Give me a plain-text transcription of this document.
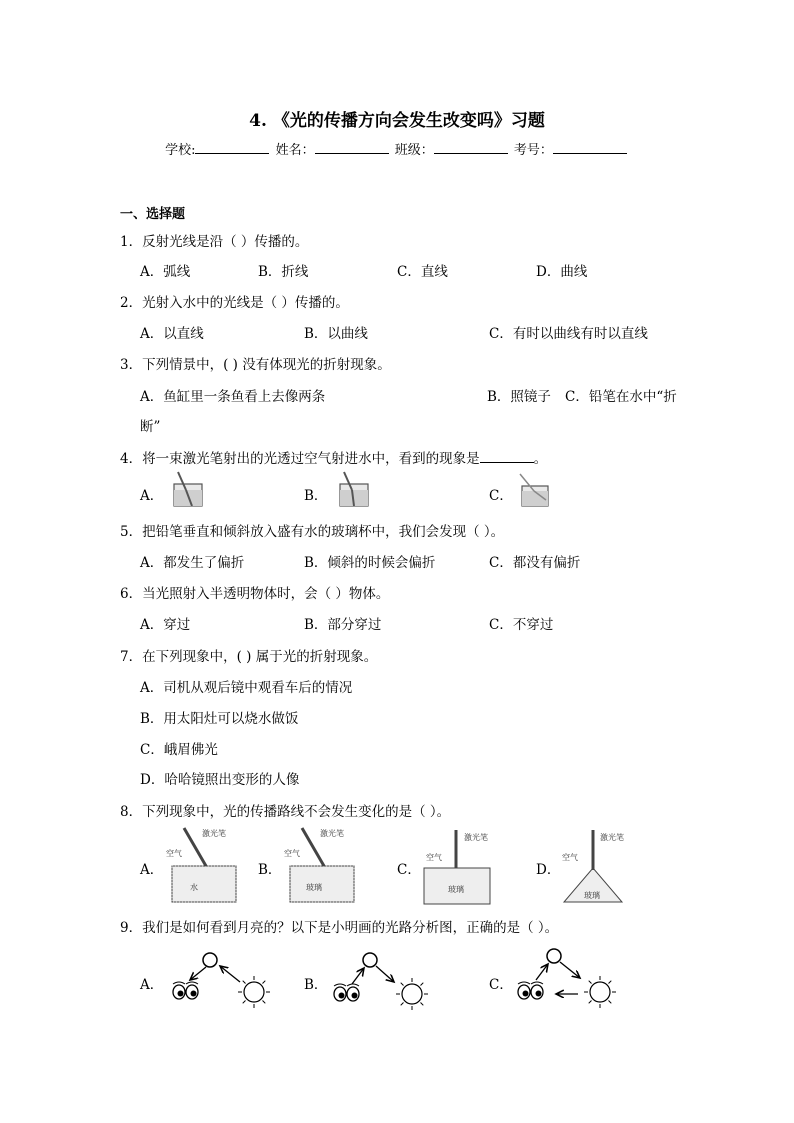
4. 《光的传播方向会发生改变吗》习题
学校:	姓名：	班级：	考号：
一、选择题
1．反射光线是沿（ ）传播的。
A．弧线	B．折线	C．直线	D．曲线
2．光射入水中的光线是（ ）传播的。
A．以直线	B．以曲线	C．有时以曲线有时以直线
3．下列情景中，( ) 没有体现光的折射现象。
A．鱼缸里一条鱼看上去像两条	B．照镜子 C．铅笔在水中“折
断”
4．将一束激光笔射出的光透过空气射进水中，看到的现象是	。
A．	B．	C．
5．把铅笔垂直和倾斜放入盛有水的玻璃杯中，我们会发现（ ）。
A．都发生了偏折	B．倾斜的时候会偏折	C．都没有偏折
6．当光照射入半透明物体时，会（ ）物体。
A．穿过	B．部分穿过	C．不穿过
7．在下列现象中，( ) 属于光的折射现象。
A．司机从观后镜中观看车后的情况
B．用太阳灶可以烧水做饭
C．峨眉佛光
D．哈哈镜照出变形的人像
8．下列现象中，光的传播路线不会发生变化的是（ ）。
A．	B．	C．	D．
激光笔
空气
水
激光笔
空气
玻璃
激光笔
空气
玻璃
激光笔
空气
玻璃
9．我们是如何看到月亮的？以下是小明画的光路分析图，正确的是（ ）。
A．	B．	C．
